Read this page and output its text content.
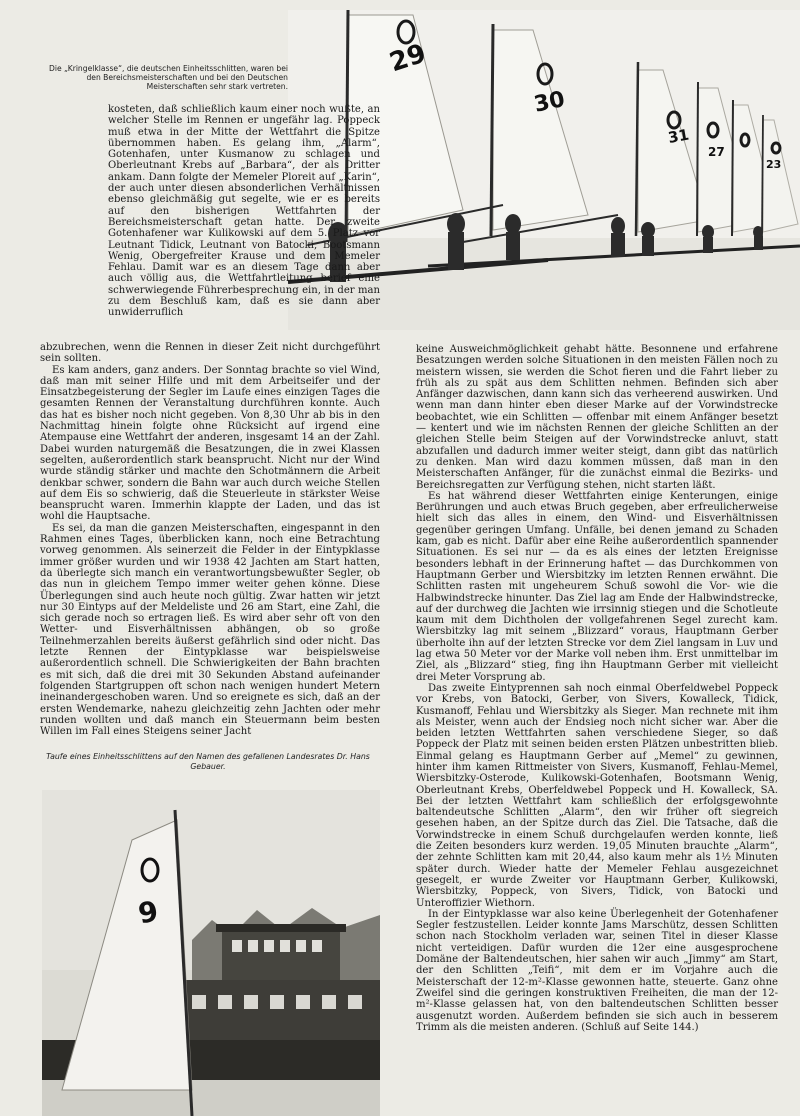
29
30
31
27
23
Die „Kringelklasse“, die deutschen Einheitsschlitten, waren bei den Bereichsmeisterschaften und bei den Deutschen Meisterschaften sehr stark vertreten.

kosteten, daß schließlich kaum einer noch wußte, an welcher Stelle im Rennen er ungefähr lag. Poppeck muß etwa in der Mitte der Wettfahrt die Spitze übernommen haben. Es gelang ihm, „Alarm“, Gotenhafen, unter Kusmanow zu schlagen und Oberleutnant Krebs auf „Barbara“, der als Dritter ankam. Dann folgte der Memeler Ploreit auf „Karin“, der auch unter diesen absonderlichen Verhältnissen ebenso gleichmäßig gut segelte, wie er es bereits auf den bisherigen Wettfahrten der Bereichsmeisterschaft getan hatte. Der zweite Gotenhafener war Kulikowski auf dem 5. Platz vor Leutnant Tidick, Leutnant von Batocki, Bootsmann Wenig, Obergefreiter Krause und dem Memeler Fehlau. Damit war es an diesem Tage dann aber auch völlig aus, die Wettfahrtleitung berief eine schwerwiegende Führerbesprechung ein, in der man zu dem Beschluß kam, daß es sie dann aber unwiderruflich

abzubrechen, wenn die Rennen in dieser Zeit nicht durchgeführt sein sollten.

Es kam anders, ganz anders. Der Sonntag brachte so viel Wind, daß man mit seiner Hilfe und mit dem Arbeitseifer und der Einsatzbegeisterung der Segler im Laufe eines einzigen Tages die gesamten Rennen der Veranstaltung durchführen konnte. Auch das hat es bisher noch nicht gegeben. Von 8,30 Uhr ab bis in den Nachmittag hinein folgte ohne Rücksicht auf irgend eine Atempause eine Wettfahrt der anderen, insgesamt 14 an der Zahl. Dabei wurden naturgemäß die Besatzungen, die in zwei Klassen segelten, außerordentlich stark beansprucht. Nicht nur der Wind wurde ständig stärker und machte den Schotmännern die Arbeit denkbar schwer, sondern die Bahn war auch durch weiche Stellen auf dem Eis so schwierig, daß die Steuerleute in stärkster Weise beansprucht waren. Immerhin klappte der Laden, und das ist wohl die Hauptsache.

Es sei, da man die ganzen Meisterschaften, eingespannt in den Rahmen eines Tages, überblicken kann, noch eine Betrachtung vorweg genommen. Als seinerzeit die Felder in der Eintypklasse immer größer wurden und wir 1938 42 Jachten am Start hatten, da überlegte sich manch ein verantwortungsbewußter Segler, ob das nun in gleichem Tempo immer weiter gehen könne. Diese Überlegungen sind auch heute noch gültig. Zwar hatten wir jetzt nur 30 Eintyps auf der Meldeliste und 26 am Start, eine Zahl, die sich gerade noch so ertragen ließ. Es wird aber sehr oft von den Wetter- und Eisverhältnissen abhängen, ob so große Teilnehmerzahlen bereits äußerst gefährlich sind oder nicht. Das letzte Rennen der Eintypklasse war beispielsweise außerordentlich schnell. Die Schwierigkeiten der Bahn brachten es mit sich, daß die drei mit 30 Sekunden Abstand aufeinander folgenden Startgruppen oft schon nach wenigen hundert Metern ineinandergeschoben waren. Und so ereignete es sich, daß an der ersten Wendemarke, nahezu gleichzeitig zehn Jachten oder mehr runden wollten und daß manch ein Steuermann beim besten Willen im Fall eines Steigens seiner Jacht

Taufe eines Einheitsschlittens auf den Namen des gefallenen Landesrates Dr. Hans Gebauer.
9

keine Ausweichmöglichkeit gehabt hätte. Besonnene und erfahrene Besatzungen werden solche Situationen in den meisten Fällen noch zu meistern wissen, sie werden die Schot fieren und die Fahrt lieber zu früh als zu spät aus dem Schlitten nehmen. Befinden sich aber Anfänger dazwischen, dann kann sich das verheerend auswirken. Und wenn man dann hinter eben dieser Marke auf der Vorwindstrecke beobachtet, wie ein Schlitten — offenbar mit einem Anfänger besetzt — kentert und wie im nächsten Rennen der gleiche Schlitten an der gleichen Stelle beim Steigen auf der Vorwindstrecke anluvt, statt abzufallen und dadurch immer weiter steigt, dann gibt das natürlich zu denken. Man wird dazu kommen müssen, daß man in den Meisterschaften Anfänger, für die zunächst einmal die Bezirks- und Bereichsregatten zur Verfügung stehen, nicht starten läßt.

Es hat während dieser Wettfahrten einige Kenterungen, einige Berührungen und auch etwas Bruch gegeben, aber erfreulicherweise hielt sich das alles in einem, den Wind- und Eisverhältnissen gegenüber geringen Umfang. Unfälle, bei denen jemand zu Schaden kam, gab es nicht. Dafür aber eine Reihe außerordentlich spannender Situationen. Es sei nur — da es als eines der letzten Ereignisse besonders lebhaft in der Erinnerung haftet — das Durchkommen von Hauptmann Gerber und Wiersbitzky im letzten Rennen erwähnt. Die Schlitten rasten mit ungeheurem Schuß sowohl die Vor- wie die Halbwindstrecke hinunter. Das Ziel lag am Ende der Halbwindstrecke, auf der durchweg die Jachten wie irrsinnig stiegen und die Schotleute kaum mit dem Dichtholen der vollgefahrenen Segel zurecht kam. Wiersbitzky lag mit seinem „Blizzard“ voraus, Hauptmann Gerber überholte ihn auf der letzten Strecke vor dem Ziel langsam in Luv und lag etwa 50 Meter vor der Marke voll neben ihm. Erst unmittelbar im Ziel, als „Blizzard“ stieg, fing ihn Hauptmann Gerber mit vielleicht drei Meter Vorsprung ab.

Das zweite Eintyprennen sah noch einmal Oberfeldwebel Poppeck vor Krebs, von Batocki, Gerber, von Sivers, Kowalleck, Tidick, Kusmanoff, Fehlau und Wiersbitzky als Sieger. Man rechnete mit ihm als Meister, wenn auch der Endsieg noch nicht sicher war. Aber die beiden letzten Wettfahrten sahen verschiedene Sieger, so daß Poppeck der Platz mit seinen beiden ersten Plätzen unbestritten blieb. Einmal gelang es Hauptmann Gerber auf „Memel“ zu gewinnen, hinter ihm kamen Rittmeister von Sivers, Kusmanoff, Fehlau-Memel, Wiersbitzky-Osterode, Kulikowski-Gotenhafen, Bootsmann Wenig, Oberleutnant Krebs, Oberfeldwebel Poppeck und H. Kowalleck, SA. Bei der letzten Wettfahrt kam schließlich der erfolgsgewohnte baltendeutsche Schlitten „Alarm“, den wir früher oft siegreich gesehen haben, an der Spitze durch das Ziel. Die Tatsache, daß die Vorwindstrecke in einem Schuß durchgelaufen werden konnte, ließ die Zeiten besonders kurz werden. 19,05 Minuten brauchte „Alarm“, der zehnte Schlitten kam mit 20,44, also kaum mehr als 1½ Minuten später durch. Wieder hatte der Memeler Fehlau ausgezeichnet gesegelt, er wurde Zweiter vor Hauptmann Gerber, Kulikowski, Wiersbitzky, Poppeck, von Sivers, Tidick, von Batocki und Unteroffizier Wiethorn.

In der Eintypklasse war also keine Überlegenheit der Gotenhafener Segler festzustellen. Leider konnte Jams Marschütz, dessen Schlitten schon nach Stockholm verladen war, seinen Titel in dieser Klasse nicht verteidigen. Dafür wurden die 12er eine ausgesprochene Domäne der Baltendeutschen, hier sahen wir auch „Jimmy“ am Start, der den Schlitten „Teifi“, mit dem er im Vorjahre auch die Meisterschaft der 12-m²-Klasse gewonnen hatte, steuerte. Ganz ohne Zweifel sind die geringen konstruktiven Freiheiten, die man der 12-m²-Klasse gelassen hat, von den baltendeutschen Schlitten besser ausgenutzt worden. Außerdem befinden sie sich auch in besserem Trimm als die meisten anderen. (Schluß auf Seite 144.)
